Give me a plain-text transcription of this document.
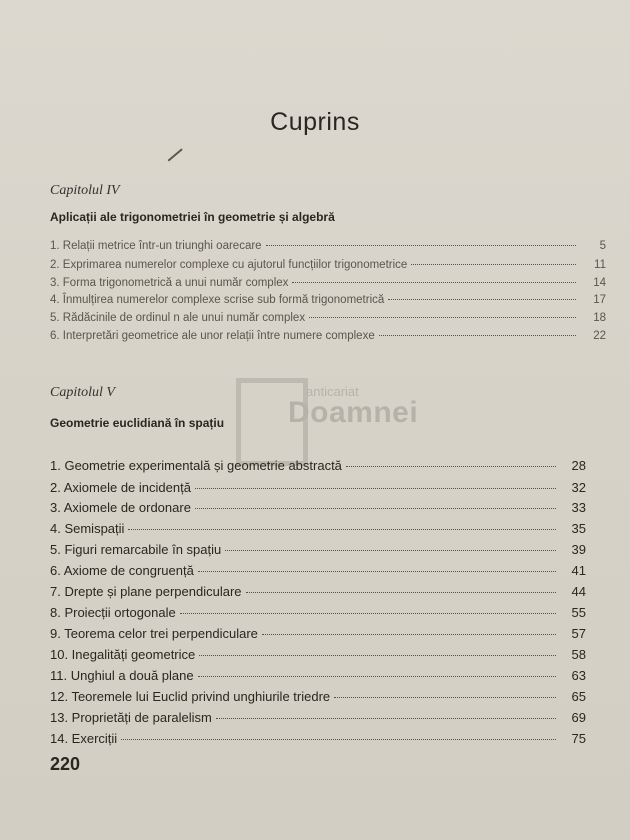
Cuprins
anticariat
Doamnei
Capitolul IV
Aplicații ale trigonometriei în geometrie și algebră
1. Relații metrice într-un triunghi oarecare	5
2. Exprimarea numerelor complexe cu ajutorul funcțiilor trigonometrice	11
3. Forma trigonometrică a unui număr complex	14
4. Înmulțirea numerelor complexe scrise sub formă trigonometrică	17
5. Rădăcinile de ordinul n ale unui număr complex	18
6. Interpretări geometrice ale unor relații între numere complexe	22
Capitolul V
Geometrie euclidiană în spațiu
1. Geometrie experimentală și geometrie abstractă	28
2. Axiomele de incidență	32
3. Axiomele de ordonare	33
4. Semispații	35
5. Figuri remarcabile în spațiu	39
6. Axiome de congruență	41
7. Drepte și plane perpendiculare	44
8. Proiecții ortogonale	55
9. Teorema celor trei perpendiculare	57
10. Inegalități geometrice	58
11. Unghiul a două plane	63
12. Teoremele lui Euclid privind unghiurile triedre	65
13. Proprietăți de paralelism	69
14. Exerciții	75
220
